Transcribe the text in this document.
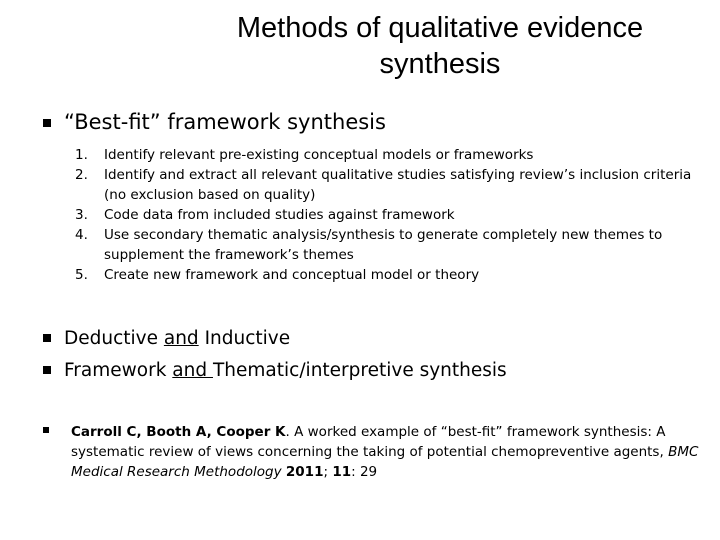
Methods of qualitative evidence synthesis
“Best-fit” framework synthesis
1.	Identify relevant pre-existing conceptual models or frameworks
2.	Identify and extract all relevant qualitative studies satisfying review’s inclusion criteria (no exclusion based on quality)
3.	Code data from included studies against framework
4.	Use secondary thematic analysis/synthesis to generate completely new themes to supplement the framework’s themes
5.	Create new framework and conceptual model or theory
Deductive and Inductive
Framework and Thematic/interpretive synthesis
Carroll C, Booth A, Cooper K. A worked example of “best-fit” framework synthesis: A systematic review of views concerning the taking of potential chemopreventive agents, BMC Medical Research Methodology 2011; 11: 29
